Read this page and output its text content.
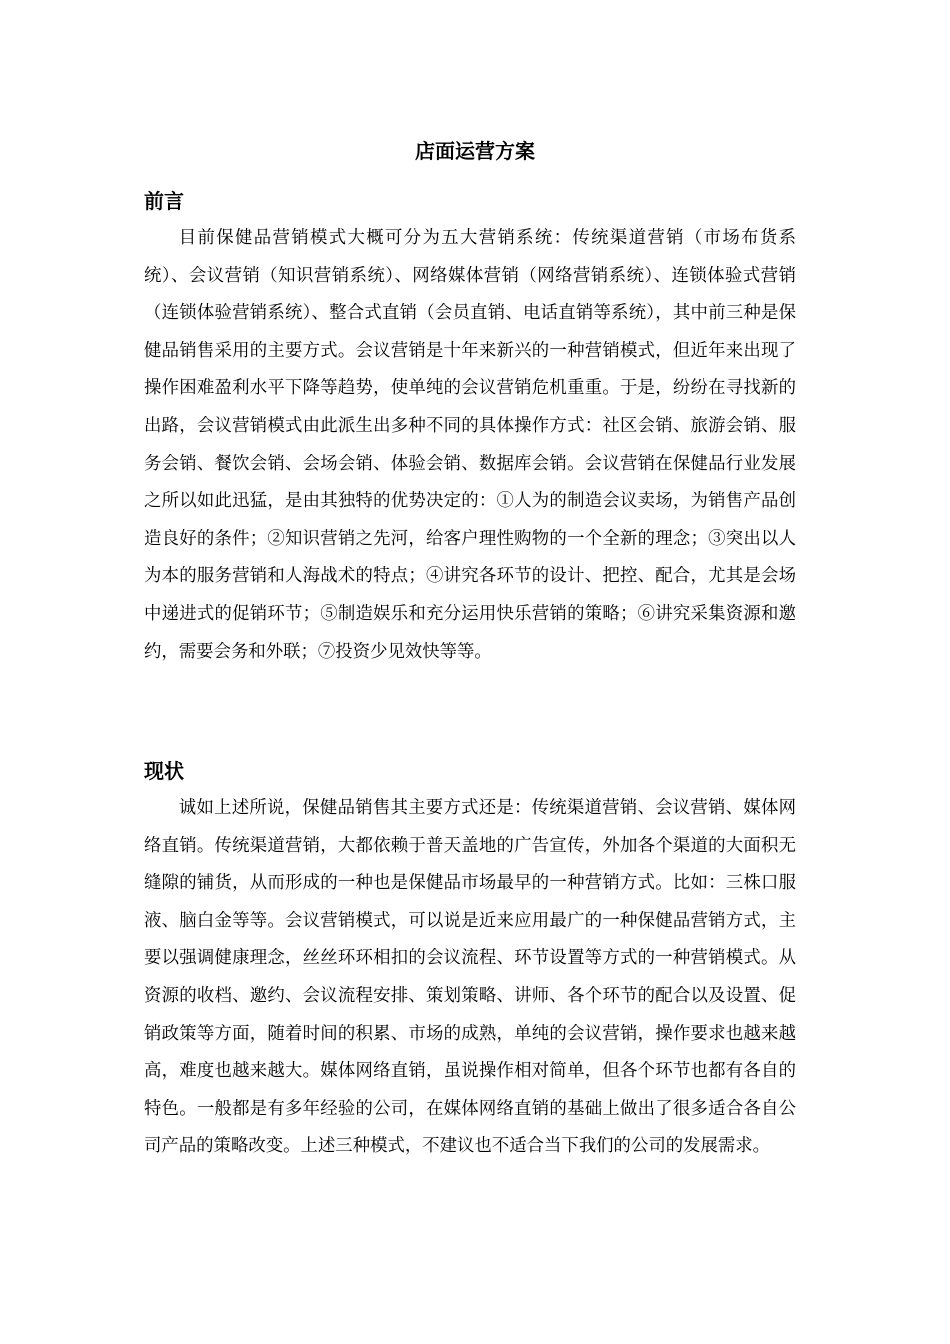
店面运营方案
前言

目前保健品营销模式大概可分为五大营销系统：传统渠道营销（市场布货系统）、会议营销（知识营销系统）、网络媒体营销（网络营销系统）、连锁体验式营销（连锁体验营销系统）、整合式直销（会员直销、电话直销等系统），其中前三种是保健品销售采用的主要方式。会议营销是十年来新兴的一种营销模式，但近年来出现了操作困难盈利水平下降等趋势，使单纯的会议营销危机重重。于是，纷纷在寻找新的出路，会议营销模式由此派生出多种不同的具体操作方式：社区会销、旅游会销、服务会销、餐饮会销、会场会销、体验会销、数据库会销。会议营销在保健品行业发展之所以如此迅猛，是由其独特的优势决定的：①人为的制造会议卖场，为销售产品创造良好的条件；②知识营销之先河，给客户理性购物的一个全新的理念；③突出以人为本的服务营销和人海战术的特点；④讲究各环节的设计、把控、配合，尤其是会场中递进式的促销环节；⑤制造娱乐和充分运用快乐营销的策略；⑥讲究采集资源和邀约，需要会务和外联；⑦投资少见效快等等。

现状

诚如上述所说，保健品销售其主要方式还是：传统渠道营销、会议营销、媒体网络直销。传统渠道营销，大都依赖于普天盖地的广告宣传，外加各个渠道的大面积无缝隙的铺货，从而形成的一种也是保健品市场最早的一种营销方式。比如：三株口服液、脑白金等等。会议营销模式，可以说是近来应用最广的一种保健品营销方式，主要以强调健康理念，丝丝环环相扣的会议流程、环节设置等方式的一种营销模式。从资源的收档、邀约、会议流程安排、策划策略、讲师、各个环节的配合以及设置、促销政策等方面，随着时间的积累、市场的成熟，单纯的会议营销，操作要求也越来越高，难度也越来越大。媒体网络直销，虽说操作相对简单，但各个环节也都有各自的特色。一般都是有多年经验的公司，在媒体网络直销的基础上做出了很多适合各自公司产品的策略改变。上述三种模式，不建议也不适合当下我们的公司的发展需求。
